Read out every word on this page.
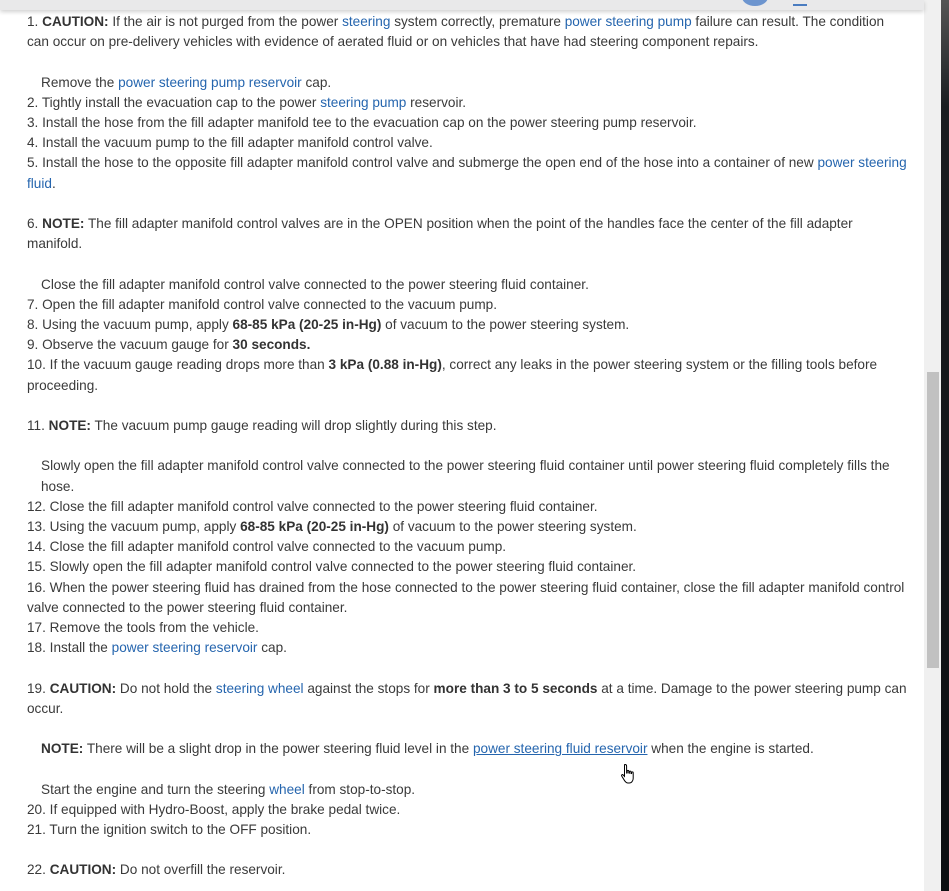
1. CAUTION: If the air is not purged from the power steering system correctly, premature power steering pump failure can result. The condition can occur on pre-delivery vehicles with evidence of aerated fluid or on vehicles that have had steering component repairs.
Remove the power steering pump reservoir cap.
2. Tightly install the evacuation cap to the power steering pump reservoir.
3. Install the hose from the fill adapter manifold tee to the evacuation cap on the power steering pump reservoir.
4. Install the vacuum pump to the fill adapter manifold control valve.
5. Install the hose to the opposite fill adapter manifold control valve and submerge the open end of the hose into a container of new power steering fluid.
6. NOTE: The fill adapter manifold control valves are in the OPEN position when the point of the handles face the center of the fill adapter manifold.
Close the fill adapter manifold control valve connected to the power steering fluid container.
7. Open the fill adapter manifold control valve connected to the vacuum pump.
8. Using the vacuum pump, apply 68-85 kPa (20-25 in-Hg) of vacuum to the power steering system.
9. Observe the vacuum gauge for 30 seconds.
10. If the vacuum gauge reading drops more than 3 kPa (0.88 in-Hg), correct any leaks in the power steering system or the filling tools before proceeding.
11. NOTE: The vacuum pump gauge reading will drop slightly during this step.
Slowly open the fill adapter manifold control valve connected to the power steering fluid container until power steering fluid completely fills the hose.
12. Close the fill adapter manifold control valve connected to the power steering fluid container.
13. Using the vacuum pump, apply 68-85 kPa (20-25 in-Hg) of vacuum to the power steering system.
14. Close the fill adapter manifold control valve connected to the vacuum pump.
15. Slowly open the fill adapter manifold control valve connected to the power steering fluid container.
16. When the power steering fluid has drained from the hose connected to the power steering fluid container, close the fill adapter manifold control valve connected to the power steering fluid container.
17. Remove the tools from the vehicle.
18. Install the power steering reservoir cap.
19. CAUTION: Do not hold the steering wheel against the stops for more than 3 to 5 seconds at a time. Damage to the power steering pump can occur.
NOTE: There will be a slight drop in the power steering fluid level in the power steering fluid reservoir when the engine is started.
Start the engine and turn the steering wheel from stop-to-stop.
20. If equipped with Hydro-Boost, apply the brake pedal twice.
21. Turn the ignition switch to the OFF position.
22. CAUTION: Do not overfill the reservoir.
